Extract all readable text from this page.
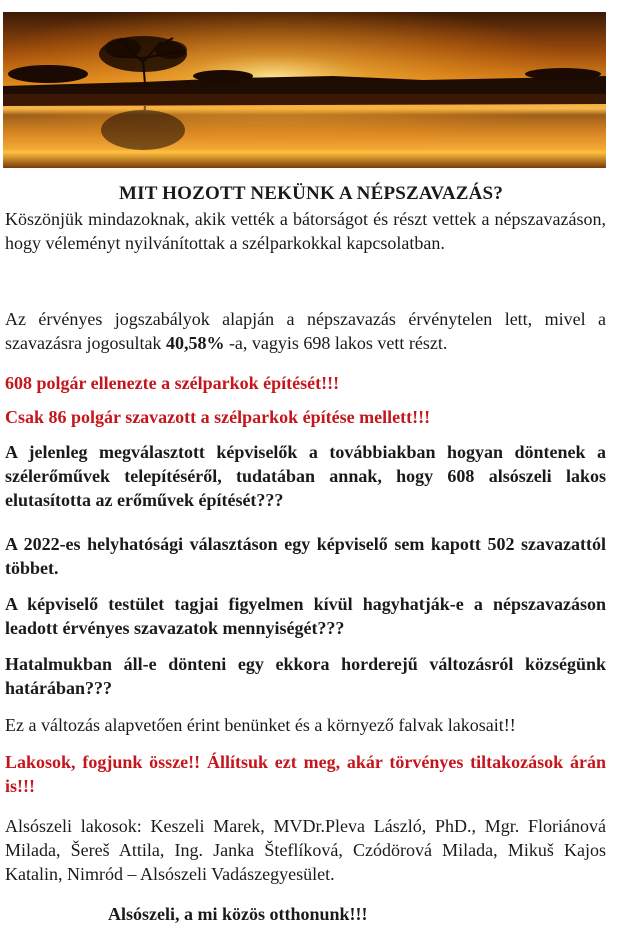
MIT HOZOTT NEKÜNK A NÉPSZAVAZÁS?
Köszönjük mindazoknak, akik vették a bátorságot és részt vettek a népszavazáson, hogy véleményt nyilvánítottak a szélparkokkal kapcsolatban.
Az érvényes jogszabályok alapján a népszavazás érvénytelen lett, mivel a szavazásra jogosultak 40,58% -a, vagyis 698 lakos vett részt.
608 polgár ellenezte a szélparkok építését!!!
Csak 86 polgár szavazott a szélparkok építése mellett!!!
A jelenleg megválasztott képviselők a továbbiakban hogyan döntenek a szélerőművek telepítéséről, tudatában annak, hogy 608 alsószeli lakos elutasította az erőművek építését???
A 2022-es helyhatósági választáson egy képviselő sem kapott 502 szavazattól többet.
A képviselő testület tagjai figyelmen kívül hagyhatják-e a népszavazáson leadott érvényes szavazatok mennyiségét???
Hatalmukban áll-e dönteni egy ekkora horderejű változásról községünk határában???
Ez a változás alapvetően érint benünket és a környező falvak lakosait!!
Lakosok, fogjunk össze!! Állítsuk ezt meg, akár törvényes tiltakozások árán is!!!
Alsószeli lakosok: Keszeli Marek, MVDr.Pleva László, PhD., Mgr. Floriánová Milada, Šereš Attila, Ing. Janka Šteflíková, Czódörová Milada, Mikuš Kajos Katalin, Nimród – Alsószeli Vadászegyesület.
Alsószeli, a mi közös otthonunk!!!
